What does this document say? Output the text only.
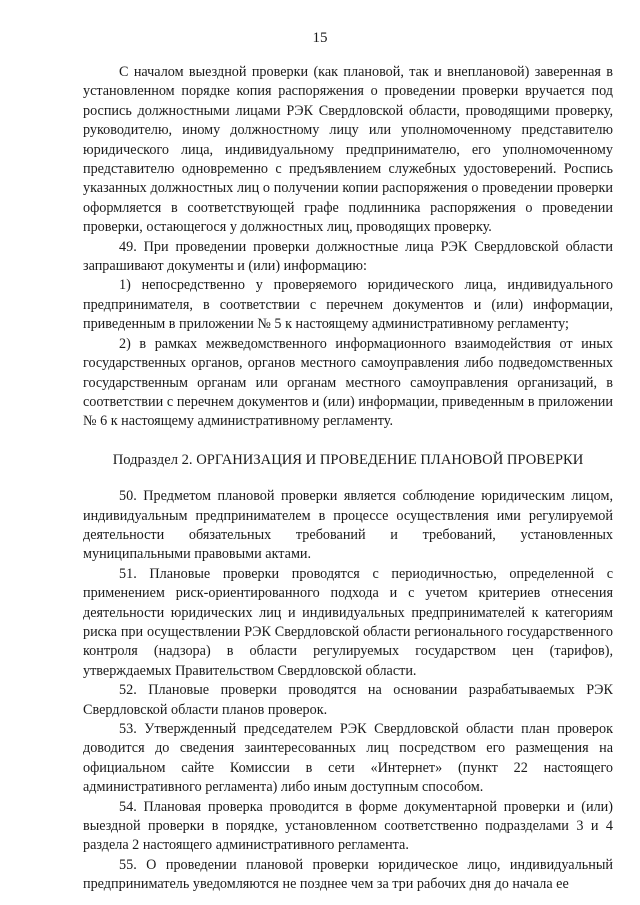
15

С началом выездной проверки (как плановой, так и внеплановой) заверенная в установленном порядке копия распоряжения о проведении проверки вручается под роспись должностными лицами РЭК Свердловской области, проводящими проверку, руководителю, иному должностному лицу или уполномоченному представителю юридического лица, индивидуальному предпринимателю, его уполномоченному представителю одновременно с предъявлением служебных удостоверений. Роспись указанных должностных лиц о получении копии распоряжения о проведении проверки оформляется в соответствующей графе подлинника распоряжения о проведении проверки, остающегося у должностных лиц, проводящих проверку.

49. При проведении проверки должностные лица РЭК Свердловской области запрашивают документы и (или) информацию:

1) непосредственно у проверяемого юридического лица, индивидуального предпринимателя, в соответствии с перечнем документов и (или) информации, приведенным в приложении № 5 к настоящему административному регламенту;

2) в рамках межведомственного информационного взаимодействия от иных государственных органов, органов местного самоуправления либо подведомственных государственным органам или органам местного самоуправления организаций, в соответствии с перечнем документов и (или) информации, приведенным в приложении № 6 к настоящему административному регламенту.

Подраздел 2. ОРГАНИЗАЦИЯ И ПРОВЕДЕНИЕ ПЛАНОВОЙ ПРОВЕРКИ

50. Предметом плановой проверки является соблюдение юридическим лицом, индивидуальным предпринимателем в процессе осуществления ими регулируемой деятельности обязательных требований и требований, установленных муниципальными правовыми актами.

51. Плановые проверки проводятся с периодичностью, определенной с применением риск-ориентированного подхода и с учетом критериев отнесения деятельности юридических лиц и индивидуальных предпринимателей к категориям риска при осуществлении РЭК Свердловской области регионального государственного контроля (надзора) в области регулируемых государством цен (тарифов), утверждаемых Правительством Свердловской области.

52. Плановые проверки проводятся на основании разрабатываемых РЭК Свердловской области планов проверок.

53. Утвержденный председателем РЭК Свердловской области план проверок доводится до сведения заинтересованных лиц посредством его размещения на официальном сайте Комиссии в сети «Интернет» (пункт 22 настоящего административного регламента) либо иным доступным способом.

54. Плановая проверка проводится в форме документарной проверки и (или) выездной проверки в порядке, установленном соответственно подразделами 3 и 4 раздела 2 настоящего административного регламента.

55. О проведении плановой проверки юридическое лицо, индивидуальный предприниматель уведомляются не позднее чем за три рабочих дня до начала ее
